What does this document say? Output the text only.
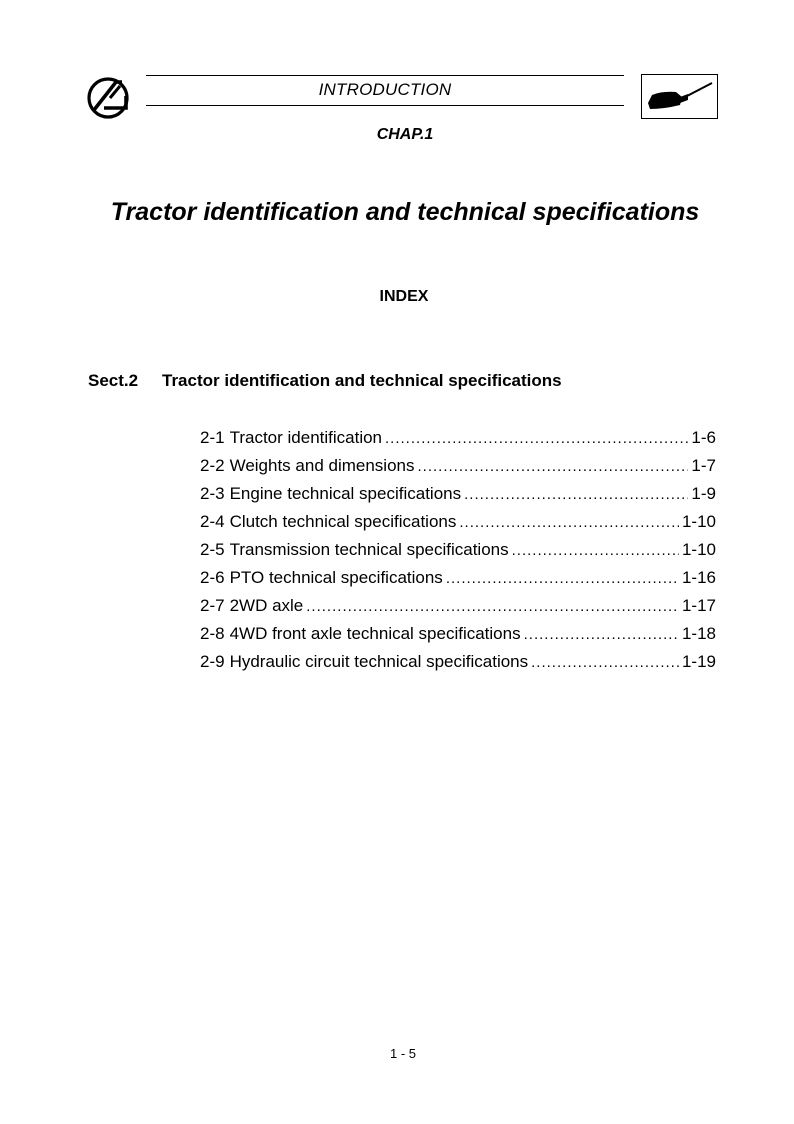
INTRODUCTION
CHAP.1
Tractor identification and technical specifications
INDEX
Sect.2 Tractor identification and technical specifications
2-1 Tractor identification .....	1-6
2-2 Weights and dimensions .....	1-7
2-3 Engine technical specifications .....	1-9
2-4 Clutch technical specifications .....	1-10
2-5 Transmission technical specifications .....	1-10
2-6 PTO technical specifications .....	1-16
2-7 2WD axle .....	1-17
2-8 4WD front axle technical specifications .....	1-18
2-9 Hydraulic circuit technical specifications .....	1-19
1 - 5
